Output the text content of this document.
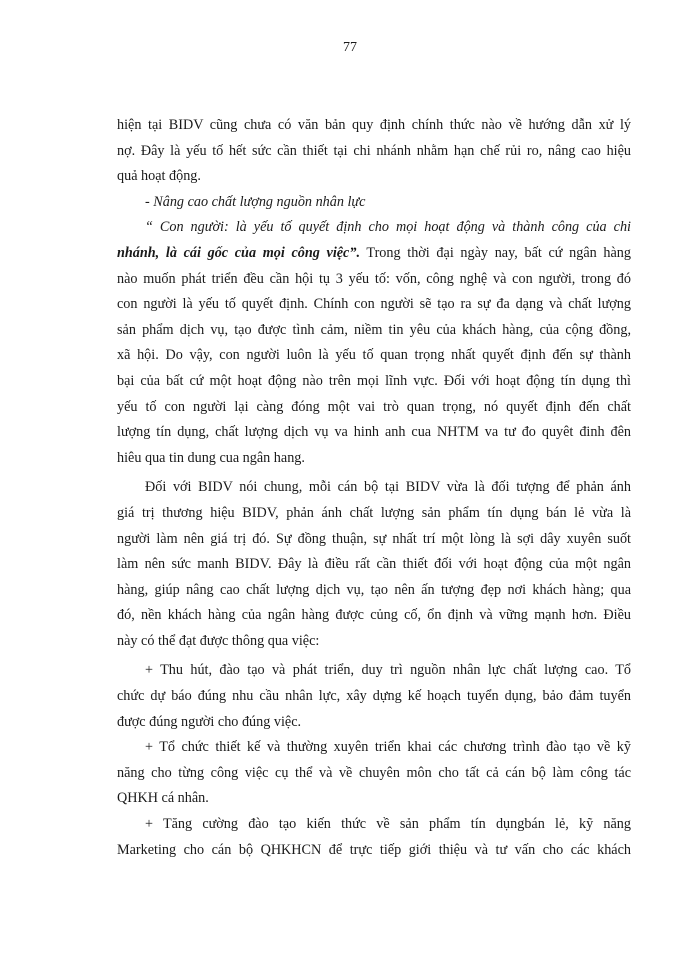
77
hiện tại BIDV cũng chưa có văn bản quy định chính thức nào về hướng dẫn xử lý
nợ. Đây là yếu tố hết sức cần thiết tại chi nhánh nhằm hạn chế rủi ro, nâng cao hiệu
quả hoạt động.
- Nâng cao chất lượng nguồn nhân lực
“ Con người: là yếu tố quyết định cho mọi hoạt động và thành công của chi
nhánh, là cái gốc của mọi công việc”. Trong thời đại ngày nay, bất cứ ngân hàng
nào muốn phát triển đều cần hội tụ 3 yếu tố: vốn, công nghệ và con người, trong đó
con người là yếu tố quyết định. Chính con người sẽ tạo ra sự đa dạng và chất lượng
sản phẩm dịch vụ, tạo được tình cảm, niềm tin yêu của khách hàng, của cộng đồng,
xã hội. Do vậy, con người luôn là yếu tố quan trọng nhất quyết định đến sự thành
bại của bất cứ một hoạt động nào trên mọi lĩnh vực. Đối với hoạt động tín dụng thì
yếu tố con người lại càng đóng một vai trò quan trọng, nó quyết định đến chất
lượng tín dụng, chất lượng dịch vụ va hinh anh cua NHTM va tư đo quyêt đinh đên
hiêu qua tin dung cua ngân hang.
Đối với BIDV nói chung, mỗi cán bộ tại BIDV vừa là đối tượng để phản ánh
giá trị thương hiệu BIDV, phản ánh chất lượng sản phẩm tín dụng bán lẻ vừa là
người làm nên giá trị đó. Sự đồng thuận, sự nhất trí một lòng là sợi dây xuyên suốt
làm nên sức manh BIDV. Đây là điều rất cần thiết đối với hoạt động của một ngân
hàng, giúp nâng cao chất lượng dịch vụ, tạo nên ấn tượng đẹp nơi khách hàng; qua
đó, nền khách hàng của ngân hàng được củng cố, ổn định và vững mạnh hơn. Điều
này có thể đạt được thông qua việc:
+ Thu hút, đào tạo và phát triển, duy trì nguồn nhân lực chất lượng cao. Tổ
chức dự báo đúng nhu cầu nhân lực, xây dựng kế hoạch tuyển dụng, bảo đảm tuyển
được đúng người cho đúng việc.
+ Tổ chức thiết kế và thường xuyên triển khai các chương trình đào tạo về kỹ
năng cho từng công việc cụ thể và về chuyên môn cho tất cả cán bộ làm công tác
QHKH cá nhân.
+ Tăng cường đào tạo kiến thức về sản phẩm tín dụngbán lẻ, kỹ năng
Marketing cho cán bộ QHKHCN để trực tiếp giới thiệu và tư vấn cho các khách
